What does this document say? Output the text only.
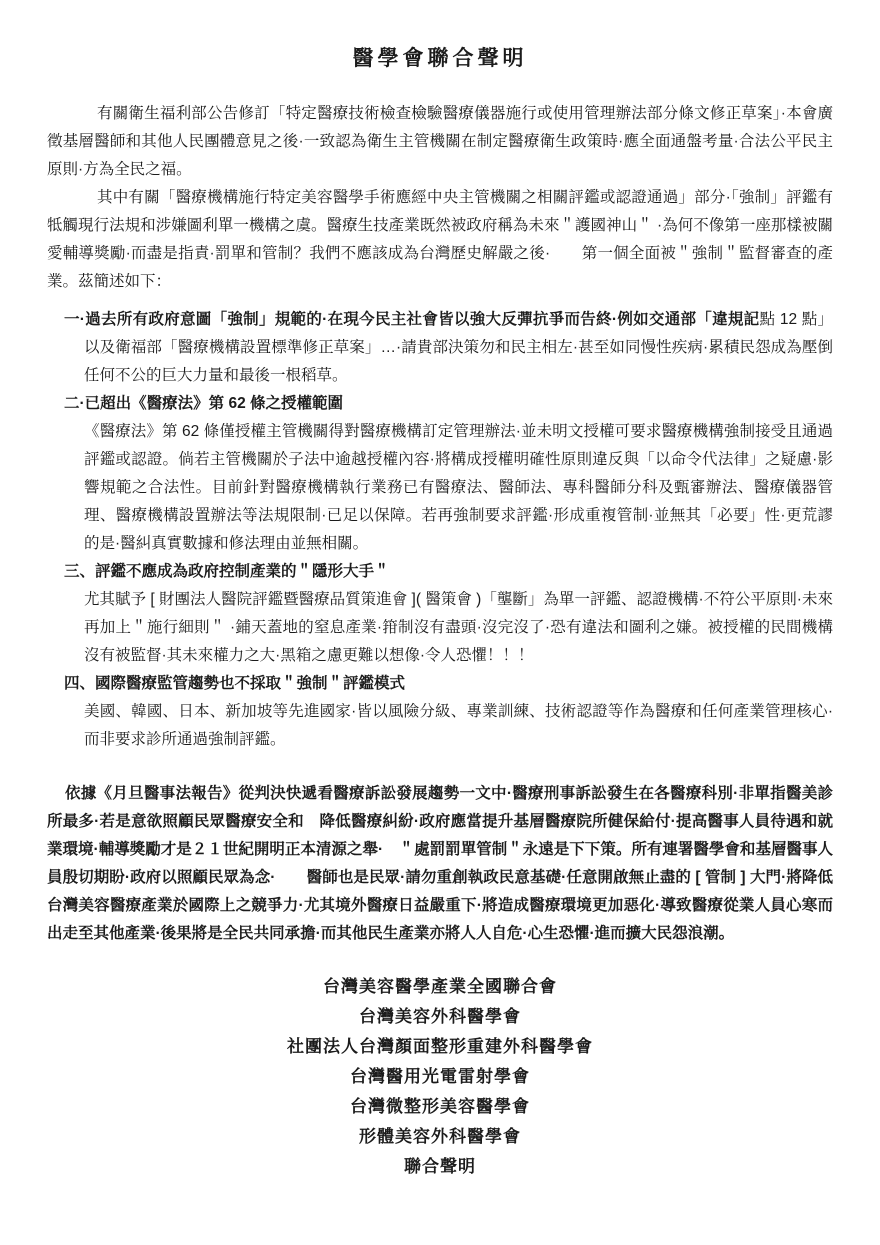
醫學會聯合聲明

有關衛生福利部公告修訂「特定醫療技術檢查檢驗醫療儀器施行或使用管理辦法部分條文修正草案」·本會廣徵基層醫師和其他人民團體意見之後·一致認為衛生主管機關在制定醫療衛生政策時·應全面通盤考量·合法公平民主原則·方為全民之福。

其中有關「醫療機構施行特定美容醫學手術應經中央主管機關之相關評鑑或認證通過」部分·「強制」評鑑有牴觸現行法規和涉嫌圖利單一機構之虞。醫療生技產業既然被政府稱為未來＂護國神山＂ ·為何不像第一座那樣被關愛輔導獎勵·而盡是指責·罰單和管制？我們不應該成為台灣歷史解嚴之後·　　第一個全面被＂強制＂監督審查的產業。茲簡述如下：

一·過去所有政府意圖「強制」規範的·在現今民主社會皆以強大反彈抗爭而告終·例如交通部「違規記點 12 點」以及衛福部「醫療機構設置標準修正草案」…·請貴部決策勿和民主相左·甚至如同慢性疾病·累積民怨成為壓倒任何不公的巨大力量和最後一根稻草。
二·已超出《醫療法》第 62 條之授權範圍
《醫療法》第 62 條僅授權主管機關得對醫療機構訂定管理辦法·並未明文授權可要求醫療機構強制接受且通過評鑑或認證。倘若主管機關於子法中逾越授權內容·將構成授權明確性原則違反與「以命令代法律」之疑慮·影響規範之合法性。目前針對醫療機構執行業務已有醫療法、醫師法、專科醫師分科及甄審辦法、醫療儀器管理、醫療機構設置辦法等法規限制·已足以保障。若再強制要求評鑑·形成重複管制·並無其「必要」性·更荒謬的是·醫糾真實數據和修法理由並無相關。
三、評鑑不應成為政府控制產業的＂隱形大手＂
尤其賦予 [ 財團法人醫院評鑑暨醫療品質策進會 ]( 醫策會 )「壟斷」為單一評鑑、認證機構·不符公平原則·未來再加上＂施行細則＂ ·鋪天蓋地的窒息產業·箝制沒有盡頭·沒完沒了·恐有違法和圖利之嫌。被授權的民間機構沒有被監督·其未來權力之大·黑箱之慮更難以想像·令人恐懼！！！
四、國際醫療監管趨勢也不採取＂強制＂評鑑模式
美國、韓國、日本、新加坡等先進國家·皆以風險分級、專業訓練、技術認證等作為醫療和任何產業管理核心·而非要求診所通過強制評鑑。

依據《月旦醫事法報告》從判決快遞看醫療訴訟發展趨勢一文中·醫療刑事訴訟發生在各醫療科別·非單指醫美診所最多·若是意欲照顧民眾醫療安全和　降低醫療糾紛·政府應當提升基層醫療院所健保給付·提高醫事人員待遇和就業環境·輔導獎勵才是２１世紀開明正本清源之舉·　＂處罰罰單管制＂永遠是下下策。所有連署醫學會和基層醫事人員殷切期盼·政府以照顧民眾為念·　　醫師也是民眾·請勿重創執政民意基礎·任意開啟無止盡的 [ 管制 ] 大門·將降低台灣美容醫療產業於國際上之競爭力·尤其境外醫療日益嚴重下·將造成醫療環境更加惡化·導致醫療從業人員心寒而出走至其他產業·後果將是全民共同承擔·而其他民生產業亦將人人自危·心生恐懼·進而擴大民怨浪潮。

台灣美容醫學產業全國聯合會
台灣美容外科醫學會
社團法人台灣顏面整形重建外科醫學會
台灣醫用光電雷射學會
台灣微整形美容醫學會
形體美容外科醫學會
聯合聲明
